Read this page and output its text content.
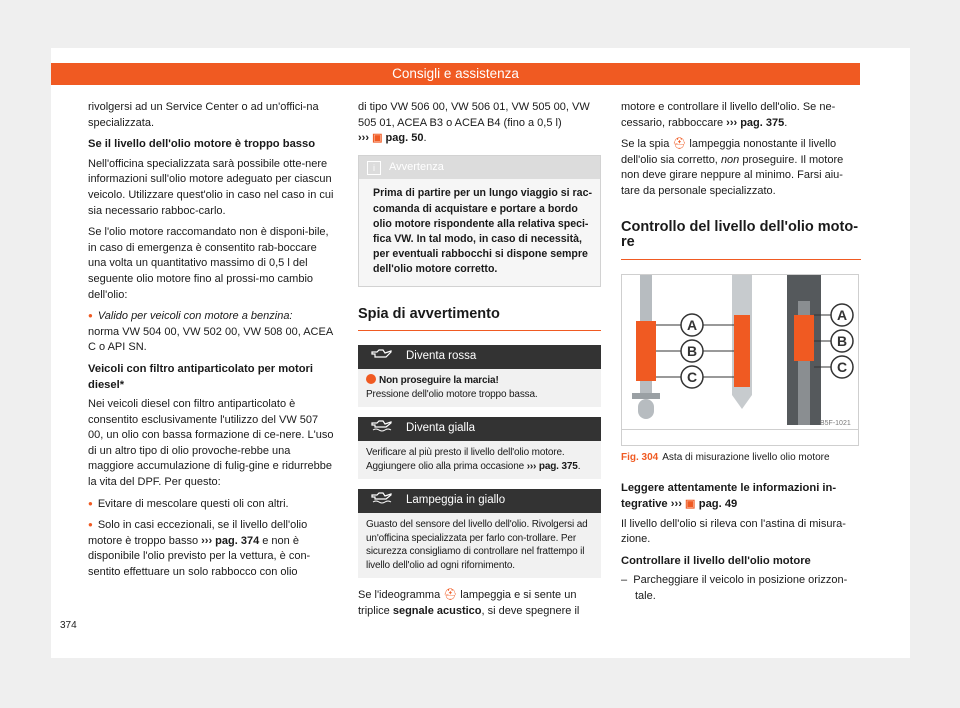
Consigli e assistenza

rivolgersi ad un Service Center o ad un'offici-na specializzata.

Se il livello dell'olio motore è troppo basso

Nell'officina specializzata sarà possibile otte-nere informazioni sull'olio motore adeguato per ciascun veicolo. Utilizzare quest'olio in caso nel caso in cui sia necessario rabboc-carlo.

Se l'olio motore raccomandato non è disponi-bile, in caso di emergenza è consentito rab-boccare una volta un quantitativo massimo di 0,5 l del seguente olio motore fino al prossi-mo cambio dell'olio:

● Valido per veicoli con motore a benzina:
norma VW 504 00, VW 502 00, VW 508 00, ACEA C o API SN.

Veicoli con filtro antiparticolato per motori diesel*

Nei veicoli diesel con filtro antiparticolato è consentito esclusivamente l'utilizzo del VW 507 00, un olio con bassa formazione di ce-nere. L'uso di un altro tipo di olio provoche-rebbe una maggiore accumulazione di fulig-gine e ridurrebbe la vita del DPF. Per questo:

● Evitare di mescolare questi oli con altri.

● Solo in casi eccezionali, se il livello dell'olio motore è troppo basso ››› pag. 374 e non è disponibile l'olio previsto per la vettura, è con-sentito effettuare un solo rabbocco con olio

di tipo VW 506 00, VW 506 01, VW 505 00, VW 505 01, ACEA B3 o ACEA B4 (fino a 0,5 l)
››› ▣ pag. 50.

i	Avvertenza
Prima di partire per un lungo viaggio si rac-comanda di acquistare e portare a bordo olio motore rispondente alla relativa speci-fica VW. In tal modo, in caso di necessità, per eventuali rabbocchi si dispone sempre dell'olio motore corretto.
Spia di avvertimento
Diventa rossa
Non proseguire la marcia!
Pressione dell'olio motore troppo bassa.
Diventa gialla
Verificare al più presto il livello dell'olio motore. Aggiungere olio alla prima occasione ››› pag. 375.
Lampeggia in giallo
Guasto del sensore del livello dell'olio. Rivolgersi ad un'officina specializzata per farlo con-trollare. Per sicurezza consigliamo di controllare nel frattempo il livello dell'olio ad ogni rifornimento.

Se l'ideogramma ⛑ lampeggia e si sente un triplice segnale acustico, si deve spegnere il

motore e controllare il livello dell'olio. Se ne-cessario, rabboccare ››› pag. 375.

Se la spia ⛑ lampeggia nonostante il livello dell'olio sia corretto, non proseguire. Il motore non deve girare neppure al minimo. Farsi aiu-tare da personale specializzato.

Controllo del livello dell'olio moto-re
A
B
C
A
B
C
B5F-1021
Fig. 304 Asta di misurazione livello olio motore
Leggere attentamente le informazioni in-tegrative ››› ▣ pag. 49

Il livello dell'olio si rileva con l'astina di misura-zione.

Controllare il livello dell'olio motore

–  Parcheggiare il veicolo in posizione orizzon-tale.

374
